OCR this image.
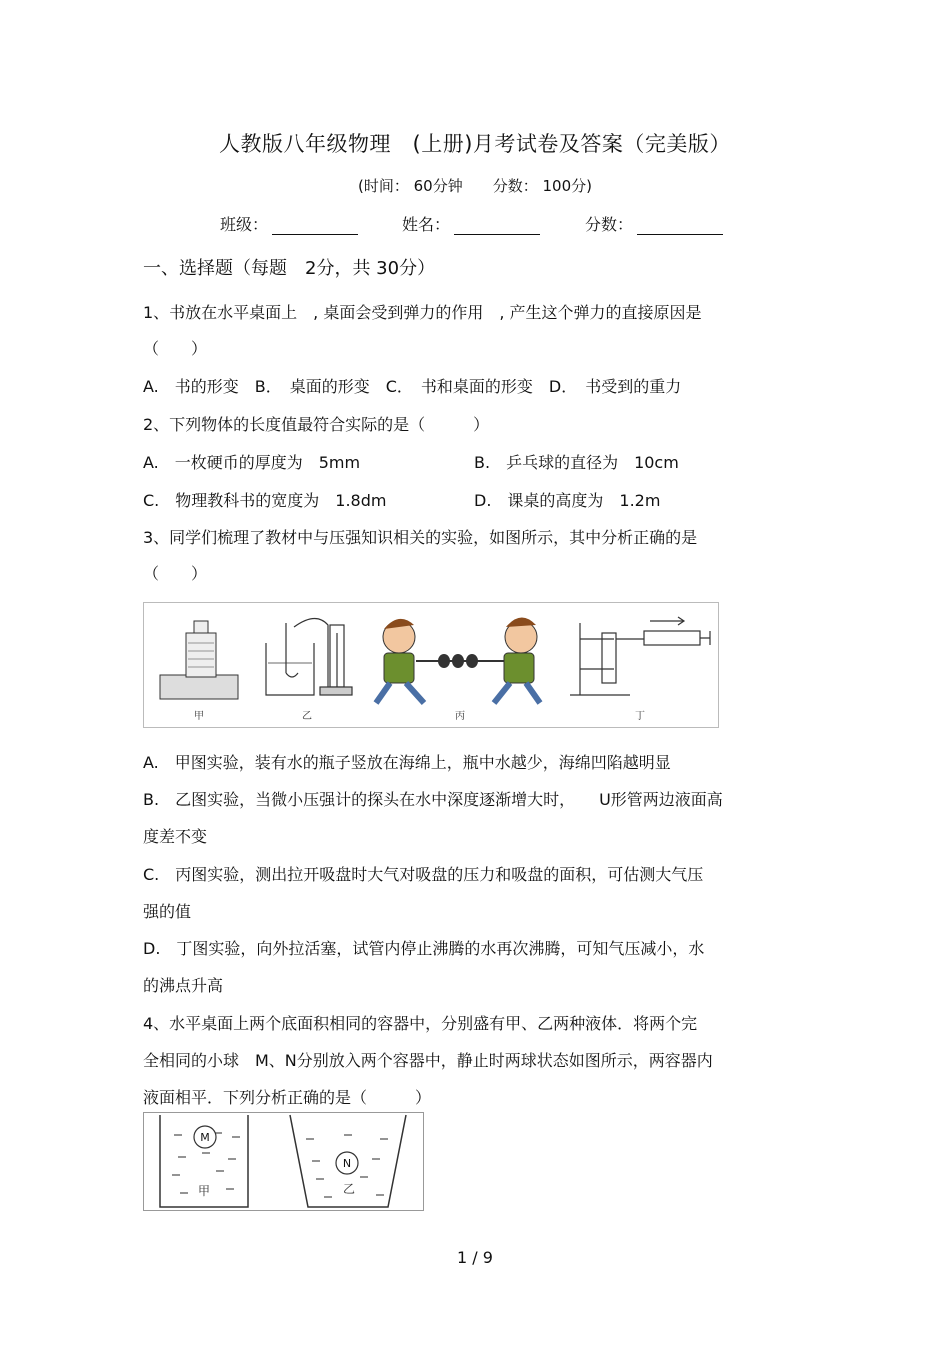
人教版八年级物理　(上册)月考试卷及答案（完美版）
(时间： 60分钟　　分数： 100分)
班级：	姓名：	分数：
一、选择题（每题　2分，共 30分）
1、书放在水平桌面上　, 桌面会受到弹力的作用　, 产生这个弹力的直接原因是
（　　）
A.　书的形变　B．　桌面的形变　C．　书和桌面的形变　D．　书受到的重力
2、下列物体的长度值最符合实际的是（　　　）
A.　一枚硬币的厚度为　5mm	B.　乒乓球的直径为　10cm
C.　物理教科书的宽度为　1.8dm	D.　课桌的高度为　1.2m
3、同学们梳理了教材中与压强知识相关的实验，如图所示，其中分析正确的是
（　　）
甲	乙	丙	丁
A.　甲图实验，装有水的瓶子竖放在海绵上，瓶中水越少，海绵凹陷越明显
B.　乙图实验，当微小压强计的探头在水中深度逐渐增大时，　　U形管两边液面高
度差不变
C.　丙图实验，测出拉开吸盘时大气对吸盘的压力和吸盘的面积，可估测大气压
强的值
D.　丁图实验，向外拉活塞，试管内停止沸腾的水再次沸腾，可知气压减小，水
的沸点升高
4、水平桌面上两个底面积相同的容器中，分别盛有甲、乙两种液体．将两个完
全相同的小球　M、N分别放入两个容器中，静止时两球状态如图所示，两容器内
液面相平．下列分析正确的是（　　　）
M
N
甲	乙
1 / 9
